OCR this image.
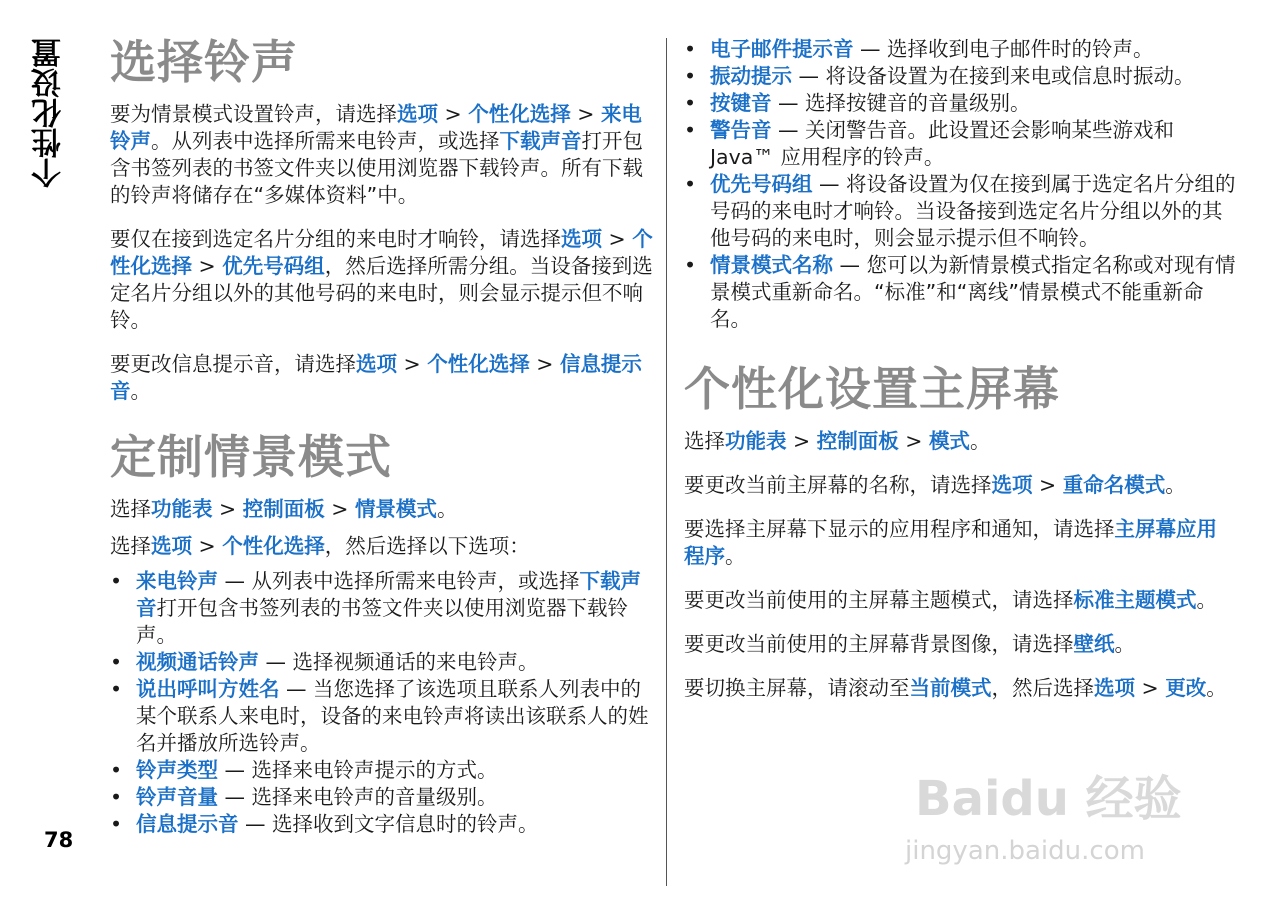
个性化设置
78
选择铃声

要为情景模式设置铃声，请选择选项 > 个性化选择 > 来电铃声。从列表中选择所需来电铃声，或选择下载声音打开包含书签列表的书签文件夹以使用浏览器下载铃声。所有下载的铃声将储存在“多媒体资料”中。

要仅在接到选定名片分组的来电时才响铃，请选择选项 > 个性化选择 > 优先号码组，然后选择所需分组。当设备接到选定名片分组以外的其他号码的来电时，则会显示提示但不响铃。

要更改信息提示音，请选择选项 > 个性化选择 > 信息提示音。

定制情景模式

选择功能表 > 控制面板 > 情景模式。

选择选项 > 个性化选择，然后选择以下选项：

• 来电铃声 — 从列表中选择所需来电铃声，或选择下载声音打开包含书签列表的书签文件夹以使用浏览器下载铃声。
• 视频通话铃声 — 选择视频通话的来电铃声。
• 说出呼叫方姓名 — 当您选择了该选项且联系人列表中的某个联系人来电时，设备的来电铃声将读出该联系人的姓名并播放所选铃声。
• 铃声类型 — 选择来电铃声提示的方式。
• 铃声音量 — 选择来电铃声的音量级别。
• 信息提示音 — 选择收到文字信息时的铃声。
• 电子邮件提示音 — 选择收到电子邮件时的铃声。
• 振动提示 — 将设备设置为在接到来电或信息时振动。
• 按键音 — 选择按键音的音量级别。
• 警告音 — 关闭警告音。此设置还会影响某些游戏和 Java™ 应用程序的铃声。
• 优先号码组 — 将设备设置为仅在接到属于选定名片分组的号码的来电时才响铃。当设备接到选定名片分组以外的其他号码的来电时，则会显示提示但不响铃。
• 情景模式名称 — 您可以为新情景模式指定名称或对现有情景模式重新命名。“标准”和“离线”情景模式不能重新命名。
个性化设置主屏幕

选择功能表 > 控制面板 > 模式。

要更改当前主屏幕的名称，请选择选项 > 重命名模式。

要选择主屏幕下显示的应用程序和通知，请选择主屏幕应用程序。

要更改当前使用的主屏幕主题模式，请选择标准主题模式。

要更改当前使用的主屏幕背景图像，请选择壁纸。

要切换主屏幕，请滚动至当前模式，然后选择选项 > 更改。

Baidu 经验
jingyan.baidu.com
